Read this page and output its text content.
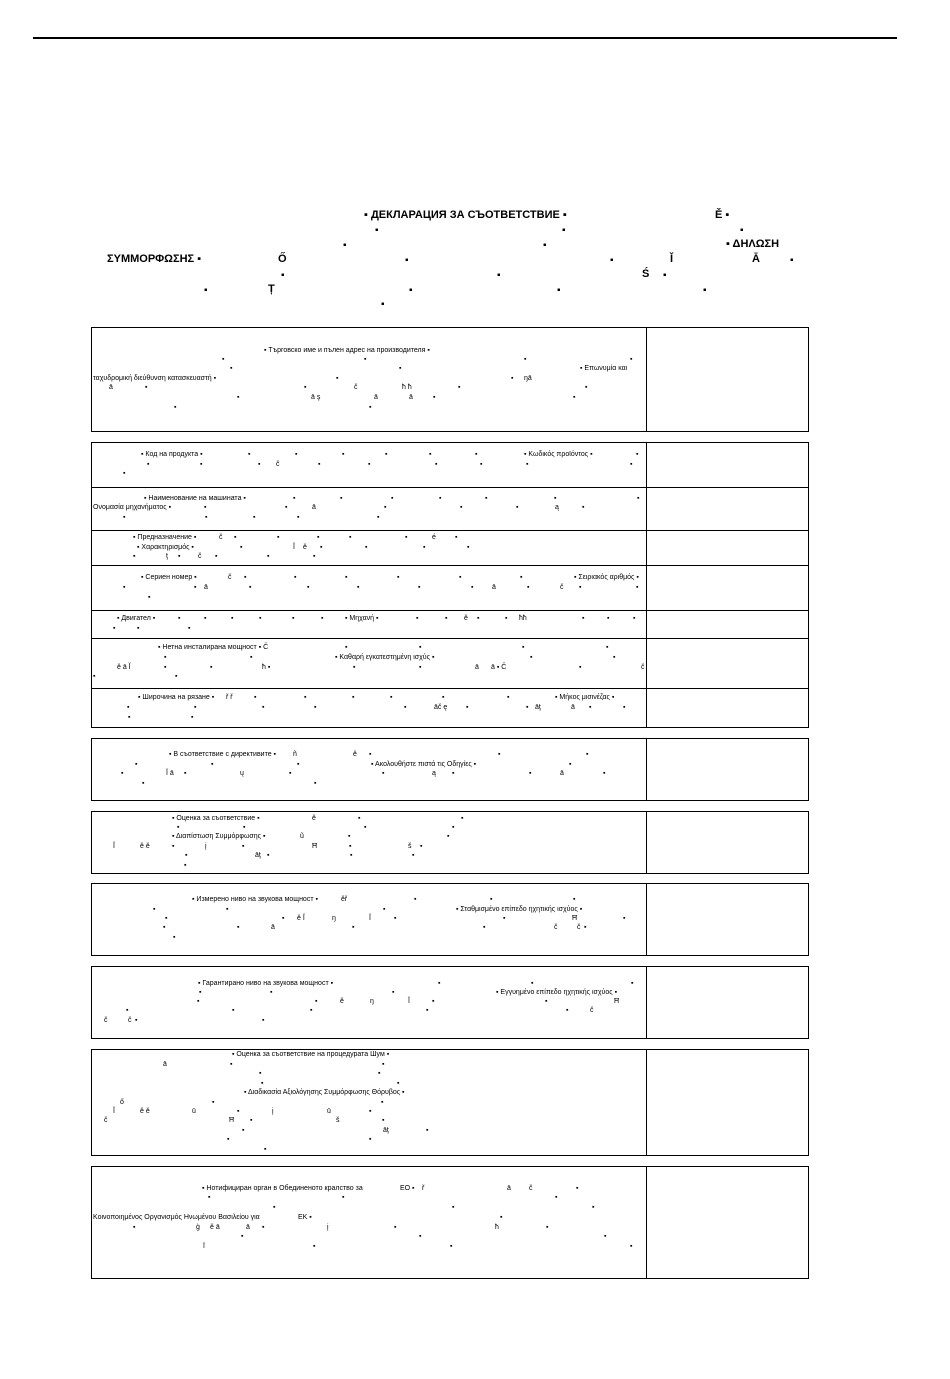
▪ ДЕКЛАРАЦИЯ ЗА СЪОТВЕТСТВИЕ ▪	Ě ▪
▪	▪	▪
▪	▪	▪ ΔΗΛΩΣΗ
ΣΥΜΜΟΡΦΩΣΗΣ ▪	Ő	▪	▪	Ĭ	Ā	▪
▪	▪	Ś ▪
▪	Ț	▪	▪	▪
▪
▪ Търговско име и пълен адрес на производителя ▪
▪	▪	▪	▪
▪	▪	▪ Επωνυμία και
ταχυδρομική διεύθυνση κατασκευαστή ▪	▪	▪ ŋā
ā	▪	▪	č	ħ ħ	▪	▪
▪	ā ş	ā	ā	▪	▪
▪	▪
▪ Код на продукта ▪	▪	▪	▪	▪	▪	▪	▪ Κωδικός προϊόντος ▪	▪
▪	▪	▪ č	▪	▪	▪	▪	▪	▪
▪
▪ Наименование на машината ▪	▪	▪	▪	▪	▪	▪	▪
Ονομασία μηχανήματος ▪	▪	▪	ā	▪	▪	▪	ą	▪
▪	▪	▪	▪	▪
▪ Предназначение ▪	č ▪	▪	▪	▪	▪	é	▪
▪ Χαρακτηρισμός ▪	▪	Ĭ ě ▪	▪	▪	▪
▪	ţ ▪	č ▪	▪	▪
▪ Сериен номер ▪	č ▪	▪	▪	▪	▪	▪	▪ Σειριακός αριθμός ▪
▪	▪ ā	▪	▪	▪	▪	▪	ā	▪	č ▪	▪
▪
▪ Двигател ▪	▪	▪	▪	▪	▪	▪	▪ Μηχανή ▪	▪	▪ ě ▪	▪ ħħ	▪	▪	▪
▪	▪	▪
▪ Нетна инсталирана мощност ▪ Č	▪	▪	▪	▪
▪	▪	▪ Καθαρή εγκατεστημένη ισχύς ▪	▪	▪
ě ā Ĭ	▪	▪	ħ ▪	▪	▪	ā ā ▪ Č	▪	č
▪	▪
▪ Широчина на рязане ▪ ř ř	▪	▪	▪	▪	▪	▪	▪ Μήκος μισινέζας ▪
▪	▪	▪	▪	▪	āč ę	▪	▪ āţ	ā ▪	▪
▪	▪
▪ В съответствие с директивите ▪ ñ	ě ▪	▪	▪
▪	▪	▪	▪ Ακολουθήστε πιστά τις Οδηγίες ▪	▪
▪	Ĭ ā ▪	ų	▪	▪	ą ▪	▪	ā	▪
▪	▪
▪ Оценка за съответствие ▪	ě	▪	▪
▪	▪	▪	▪
▪ Διαπίστωση Συμμόρφωσης ▪	ũ	▪	▪
Ĭ	ě ě	▪	į	▪	Ħ	▪	š ▪
▪	āţ ▪	▪	▪
▪
▪ Измерено ниво на звукова мощност ▪	ěř	▪	▪	▪
▪	▪	▪	▪ Σταθμισμένο επίπεδο ηχητικής ισχύος ▪
▪	▪ ě Ĭ	ŋ	Ĭ	▪	▪	Ħ	▪
▪	▪	ā	▪	▪	č	č ▪
▪
▪ Гарантирано ниво на звукова мощност ▪	▪	▪	▪
▪	▪	▪	▪ Εγγυημένο επίπεδο ηχητικής ισχύος ▪
▪	▪	ě	ŋ	Ĭ	▪	▪	Ħ
▪	▪	▪	▪	▪	č
č	č ▪	▪
▪ Оценка за съответствие на процедурата Шум ▪
ā	▪	▪
▪	▪
▪	▪
▪ Διαδικασία Αξιολόγησης Συμμόρφωσης Θόρυβος ▪
ő	▪	▪
Ĭ	ě ě	ū	▪	į	ū	▪
č	Ħ ▪	š	▪
▪	āţ	▪
▪	▪
▪
▪ Нотифициран орган в Обединеното кралство за	ЕО ▪ ř	ā	č	▪
▪	▪	▪
▪	▪	▪
Κοινοποιημένος Οργανισμός Ηνωμένου Βασιλείου για	ΕΚ ▪	▪
▪	ģ ě ā	ā ▪	į	▪	ħ	▪
▪	▪	▪
ĭ	▪	▪	▪
